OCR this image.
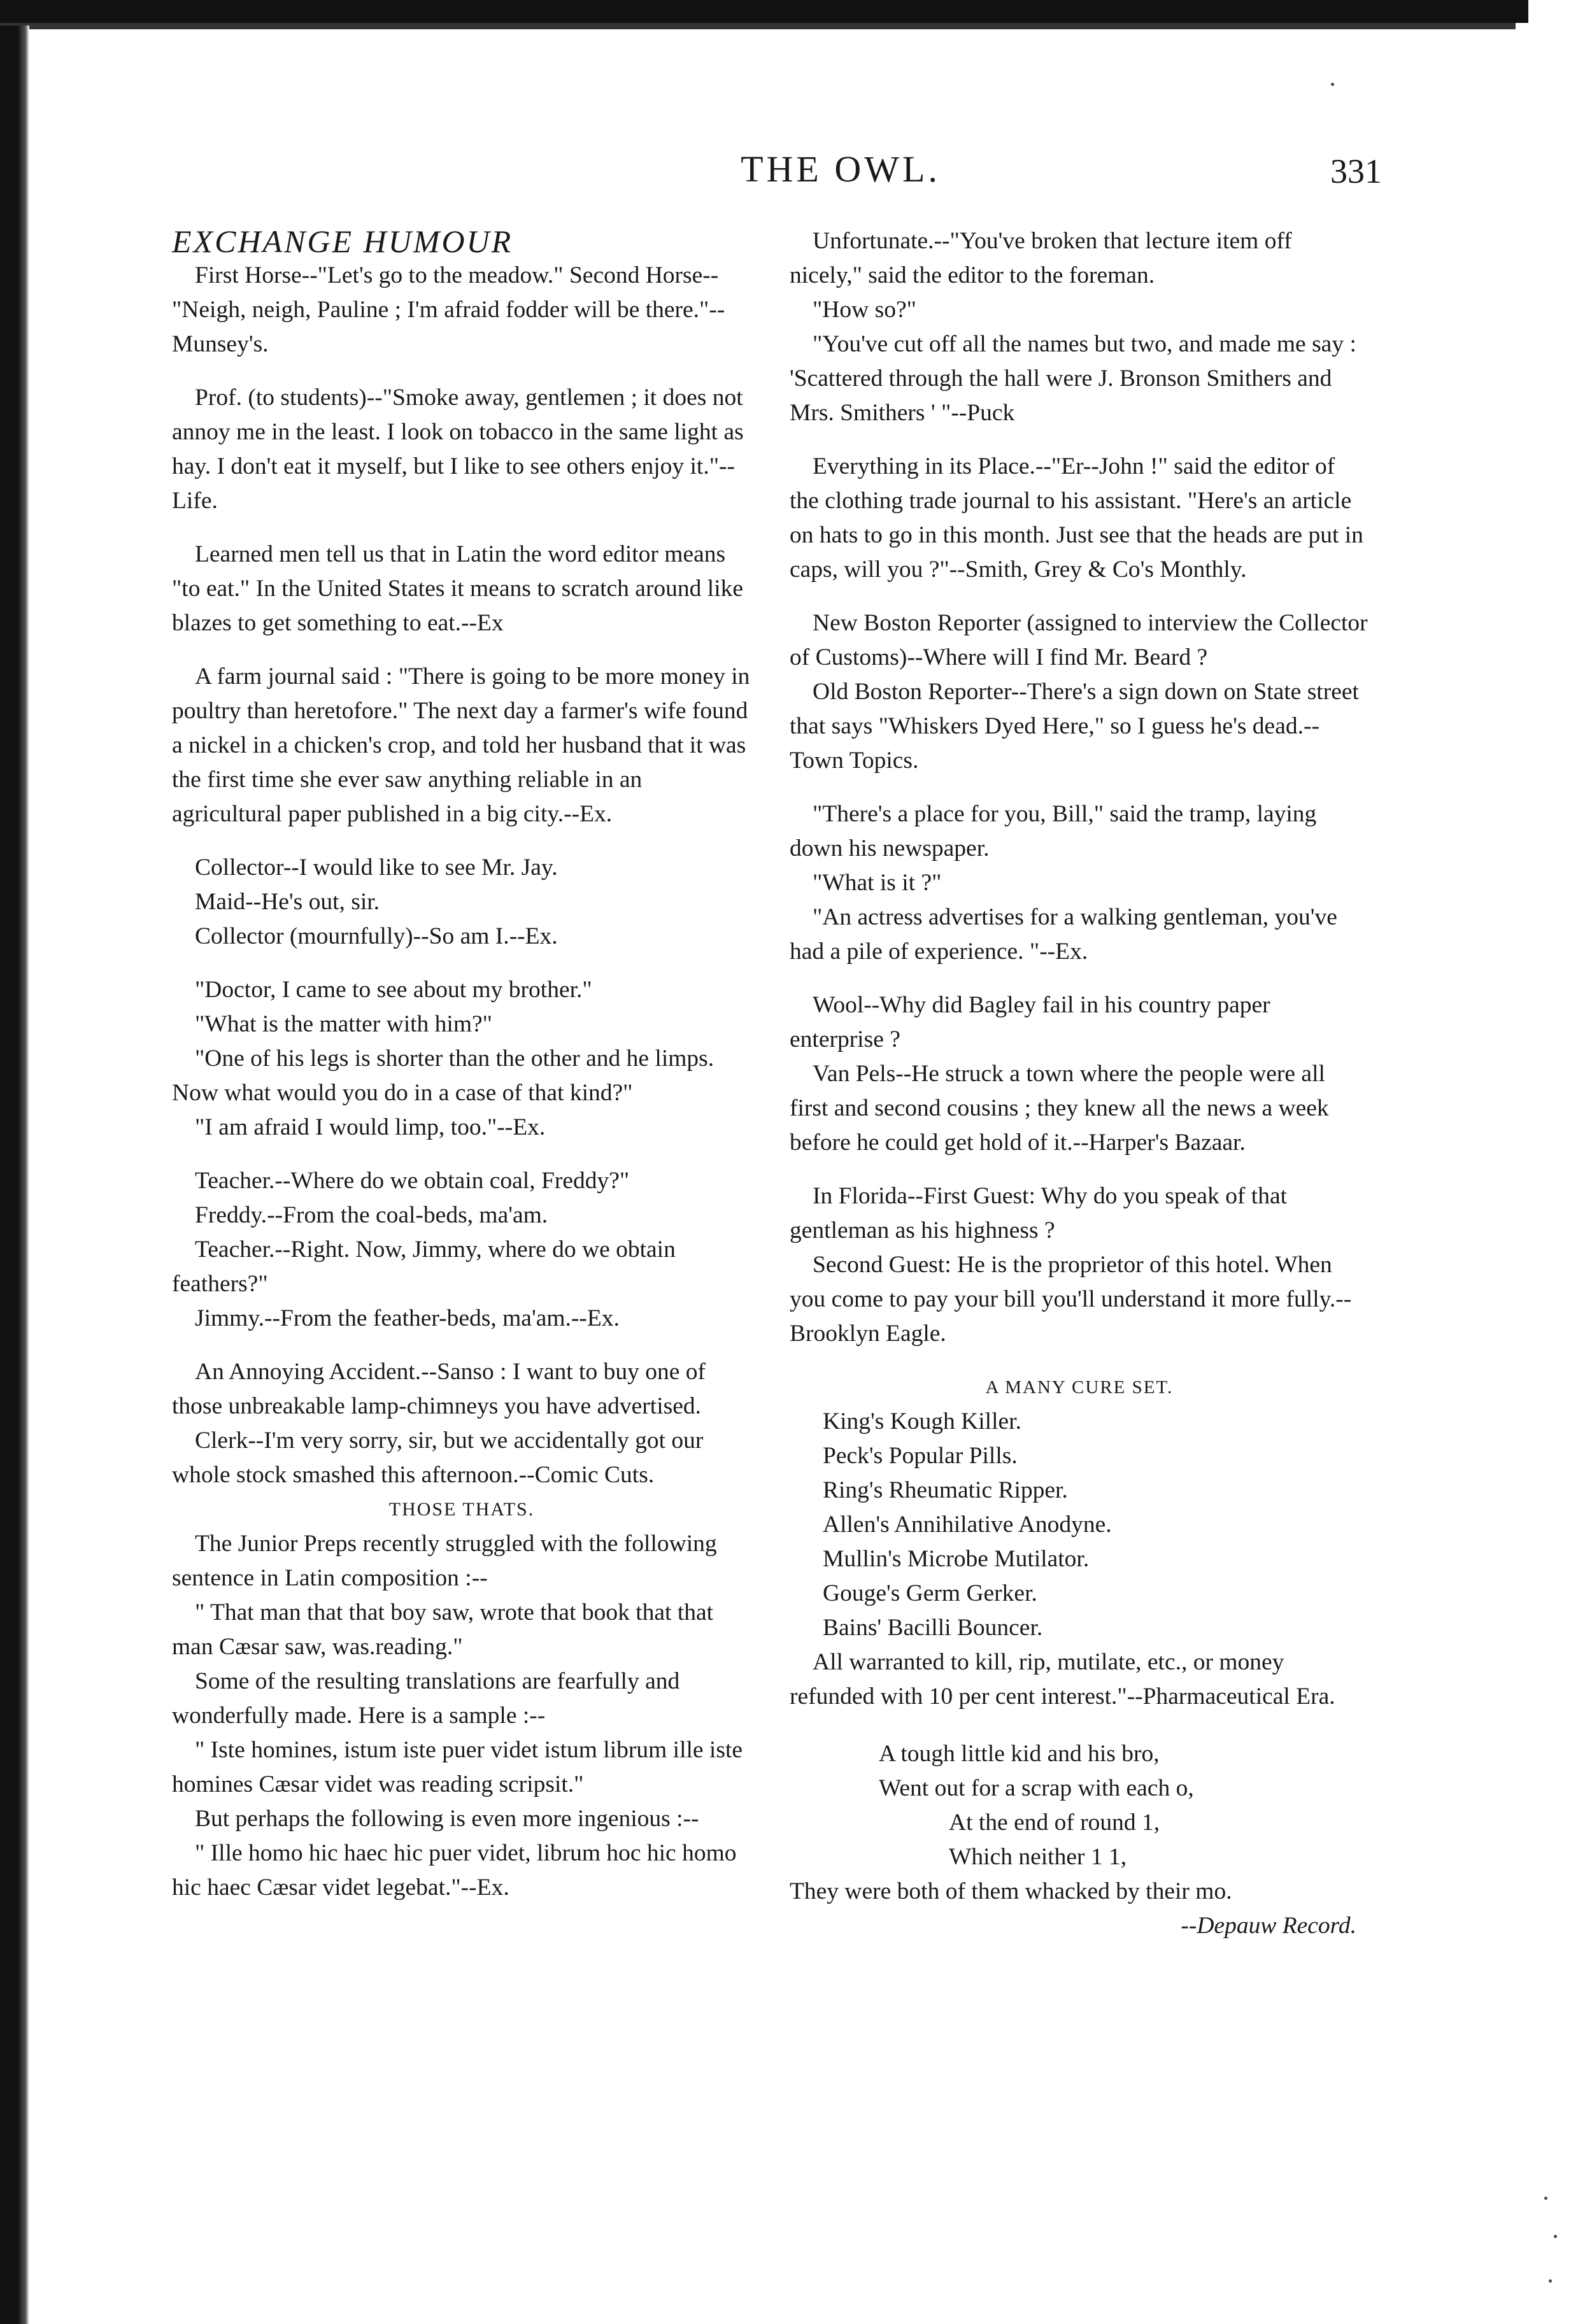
THE OWL.	331

EXCHANGE HUMOUR

First Horse--"Let's go to the meadow." Second Horse--"Neigh, neigh, Pauline ; I'm afraid fodder will be there."--Munsey's.

Prof. (to students)--"Smoke away, gentlemen ; it does not annoy me in the least. I look on tobacco in the same light as hay. I don't eat it myself, but I like to see others enjoy it."--Life.

Learned men tell us that in Latin the word editor means "to eat." In the United States it means to scratch around like blazes to get something to eat.--Ex

A farm journal said : "There is going to be more money in poultry than heretofore." The next day a farmer's wife found a nickel in a chicken's crop, and told her husband that it was the first time she ever saw anything reliable in an agricultural paper published in a big city.--Ex.

Collector--I would like to see Mr. Jay.

Maid--He's out, sir.

Collector (mournfully)--So am I.--Ex.

"Doctor, I came to see about my brother."

"What is the matter with him?"

"One of his legs is shorter than the other and he limps. Now what would you do in a case of that kind?"

"I am afraid I would limp, too."--Ex.

Teacher.--Where do we obtain coal, Freddy?"

Freddy.--From the coal-beds, ma'am.

Teacher.--Right. Now, Jimmy, where do we obtain feathers?"

Jimmy.--From the feather-beds, ma'am.--Ex.

An Annoying Accident.--Sanso : I want to buy one of those unbreakable lamp-chimneys you have advertised.

Clerk--I'm very sorry, sir, but we accidentally got our whole stock smashed this afternoon.--Comic Cuts.

THOSE THATS.

The Junior Preps recently struggled with the following sentence in Latin composition :--

" That man that that boy saw, wrote that book that that man Cæsar saw, was.reading."

Some of the resulting translations are fearfully and wonderfully made. Here is a sample :--

" Iste homines, istum iste puer videt istum librum ille iste homines Cæsar videt was reading scripsit."

But perhaps the following is even more ingenious :--

" Ille homo hic haec hic puer videt, librum hoc hic homo hic haec Cæsar videt legebat."--Ex.

Unfortunate.--"You've broken that lecture item off nicely," said the editor to the foreman.

"How so?"

"You've cut off all the names but two, and made me say : 'Scattered through the hall were J. Bronson Smithers and Mrs. Smithers ' "--Puck

Everything in its Place.--"Er--John !" said the editor of the clothing trade journal to his assistant. "Here's an article on hats to go in this month. Just see that the heads are put in caps, will you ?"--Smith, Grey & Co's Monthly.

New Boston Reporter (assigned to interview the Collector of Customs)--Where will I find Mr. Beard ?

Old Boston Reporter--There's a sign down on State street that says "Whiskers Dyed Here," so I guess he's dead.--Town Topics.

"There's a place for you, Bill," said the tramp, laying down his newspaper.

"What is it ?"

"An actress advertises for a walking gentleman, you've had a pile of experience. "--Ex.

Wool--Why did Bagley fail in his country paper enterprise ?

Van Pels--He struck a town where the people were all first and second cousins ; they knew all the news a week before he could get hold of it.--Harper's Bazaar.

In Florida--First Guest: Why do you speak of that gentleman as his highness ?

Second Guest: He is the proprietor of this hotel. When you come to pay your bill you'll understand it more fully.--Brooklyn Eagle.

A MANY CURE SET.

King's Kough Killer.

Peck's Popular Pills.

Ring's Rheumatic Ripper.

Allen's Annihilative Anodyne.

Mullin's Microbe Mutilator.

Gouge's Germ Gerker.

Bains' Bacilli Bouncer.

All warranted to kill, rip, mutilate, etc., or money refunded with 10 per cent interest."--Pharmaceutical Era.

A tough little kid and his bro,

Went out for a scrap with each o,

At the end of round 1,

Which neither 1 1,

They were both of them whacked by their mo.

--Depauw Record.
